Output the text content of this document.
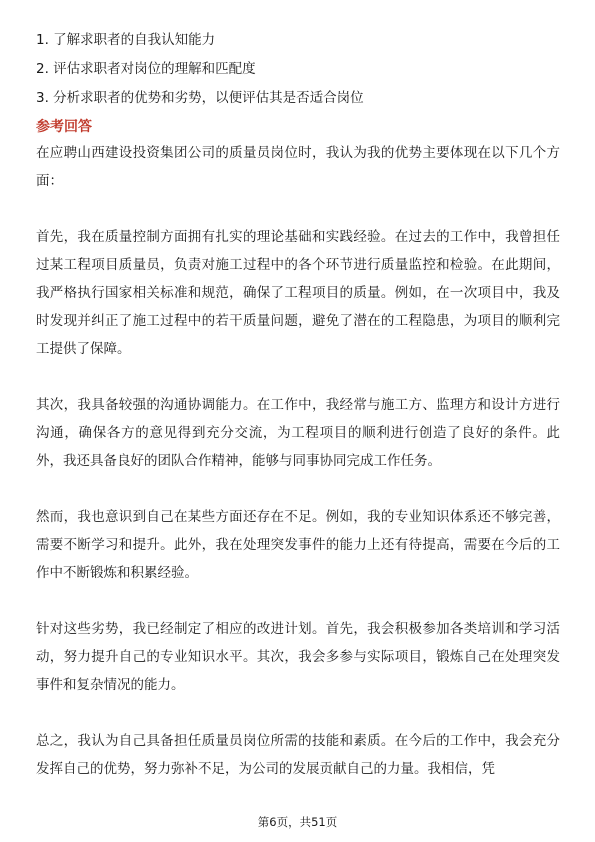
1. 了解求职者的自我认知能力
2. 评估求职者对岗位的理解和匹配度
3. 分析求职者的优势和劣势，以便评估其是否适合岗位
参考回答

在应聘山西建设投资集团公司的质量员岗位时，我认为我的优势主要体现在以下几个方面：

首先，我在质量控制方面拥有扎实的理论基础和实践经验。在过去的工作中，我曾担任过某工程项目质量员，负责对施工过程中的各个环节进行质量监控和检验。在此期间，我严格执行国家相关标准和规范，确保了工程项目的质量。例如，在一次项目中，我及时发现并纠正了施工过程中的若干质量问题，避免了潜在的工程隐患，为项目的顺利完工提供了保障。

其次，我具备较强的沟通协调能力。在工作中，我经常与施工方、监理方和设计方进行沟通，确保各方的意见得到充分交流，为工程项目的顺利进行创造了良好的条件。此外，我还具备良好的团队合作精神，能够与同事协同完成工作任务。

然而，我也意识到自己在某些方面还存在不足。例如，我的专业知识体系还不够完善，需要不断学习和提升。此外，我在处理突发事件的能力上还有待提高，需要在今后的工作中不断锻炼和积累经验。

针对这些劣势，我已经制定了相应的改进计划。首先，我会积极参加各类培训和学习活动，努力提升自己的专业知识水平。其次，我会多参与实际项目，锻炼自己在处理突发事件和复杂情况的能力。

总之，我认为自己具备担任质量员岗位所需的技能和素质。在今后的工作中，我会充分发挥自己的优势，努力弥补不足，为公司的发展贡献自己的力量。我相信，凭

第6页，共51页
